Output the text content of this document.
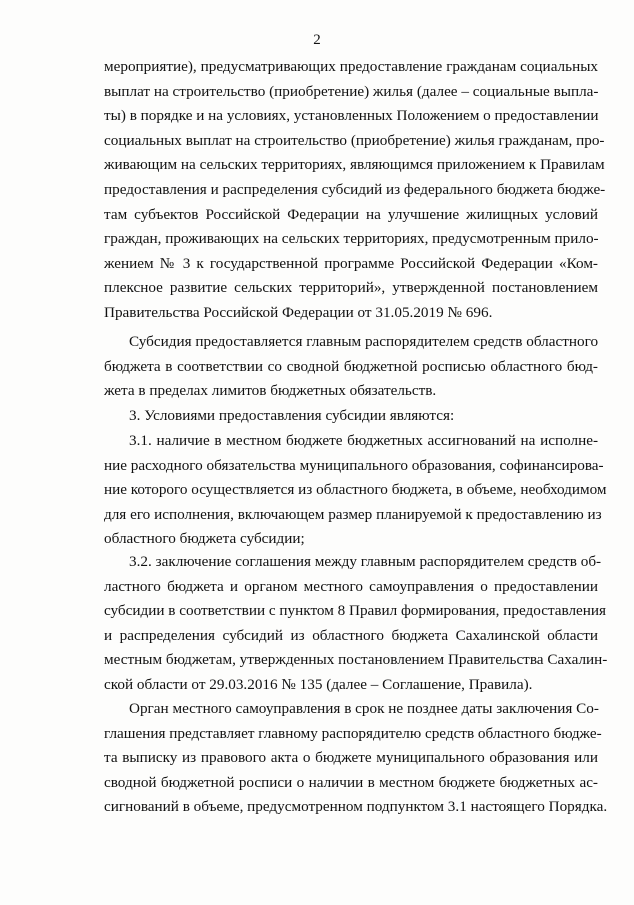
2
мероприятие), предусматривающих предоставление гражданам социальных
выплат на строительство (приобретение) жилья (далее – социальные выпла-
ты) в порядке и на условиях, установленных Положением о предоставлении
социальных выплат на строительство (приобретение) жилья гражданам, про-
живающим на сельских территориях, являющимся приложением к Правилам
предоставления и распределения субсидий из федерального бюджета бюдже-
там субъектов Российской Федерации на улучшение жилищных условий
граждан, проживающих на сельских территориях, предусмотренным прило-
жением № 3 к государственной программе Российской Федерации «Ком-
плексное развитие сельских территорий», утвержденной постановлением
Правительства Российской Федерации от 31.05.2019 № 696.
Субсидия предоставляется главным распорядителем средств областного
бюджета в соответствии со сводной бюджетной росписью областного бюд-
жета в пределах лимитов бюджетных обязательств.
3. Условиями предоставления субсидии являются:
3.1. наличие в местном бюджете бюджетных ассигнований на исполне-
ние расходного обязательства муниципального образования, софинансирова-
ние которого осуществляется из областного бюджета, в объеме, необходимом
для его исполнения, включающем размер планируемой к предоставлению из
областного бюджета субсидии;
3.2. заключение соглашения между главным распорядителем средств об-
ластного бюджета и органом местного самоуправления о предоставлении
субсидии в соответствии с пунктом 8 Правил формирования, предоставления
и распределения субсидий из областного бюджета Сахалинской области
местным бюджетам, утвержденных постановлением Правительства Сахалин-
ской области от 29.03.2016 № 135 (далее – Соглашение, Правила).
Орган местного самоуправления в срок не позднее даты заключения Со-
глашения представляет главному распорядителю средств областного бюдже-
та выписку из правового акта о бюджете муниципального образования или
сводной бюджетной росписи о наличии в местном бюджете бюджетных ас-
сигнований в объеме, предусмотренном подпунктом 3.1 настоящего Порядка.
